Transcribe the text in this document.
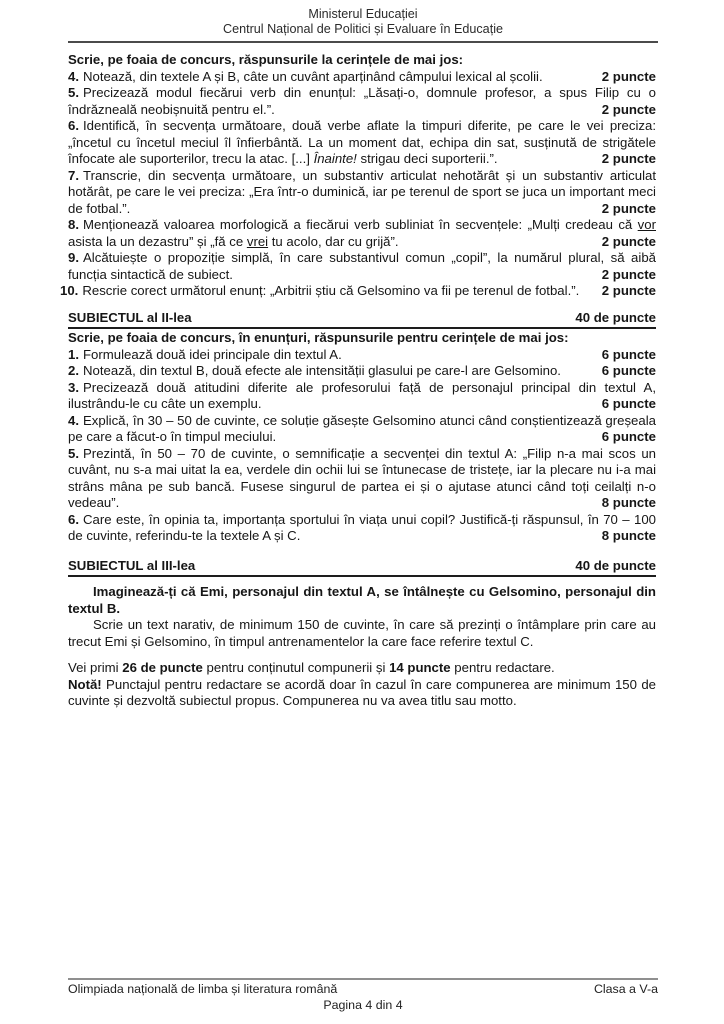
Ministerul Educației
Centrul Național de Politici și Evaluare în Educație

Scrie, pe foaia de concurs, răspunsurile la cerințele de mai jos:

4. Notează, din textele A și B, câte un cuvânt aparținând câmpului lexical al școlii.	2 puncte

5. Precizează modul fiecărui verb din enunțul: „Lăsați-o, domnule profesor, a spus Filip cu o îndrăzneală neobișnuită pentru el.”.	2 puncte

6. Identifică, în secvența următoare, două verbe aflate la timpuri diferite, pe care le vei preciza: „încetul cu încetul meciul îl înfierbântă. La un moment dat, echipa din sat, susținută de strigătele înfocate ale suporterilor, trecu la atac. [...] Înainte! strigau deci suporterii.”.	2 puncte

7. Transcrie, din secvența următoare, un substantiv articulat nehotărât și un substantiv articulat hotărât, pe care le vei preciza: „Era într-o duminică, iar pe terenul de sport se juca un important meci de fotbal.”.	2 puncte

8. Menționează valoarea morfologică a fiecărui verb subliniat în secvențele: „Mulți credeau că vor asista la un dezastru” și „fă ce vrei tu acolo, dar cu grijă”.	2 puncte

9. Alcătuiește o propoziție simplă, în care substantivul comun „copil”, la numărul plural, să aibă funcția sintactică de subiect.	2 puncte

10. Rescrie corect următorul enunț: „Arbitrii știu că Gelsomino va fii pe terenul de fotbal.”. 2 puncte

SUBIECTUL al II-lea	40 de puncte

Scrie, pe foaia de concurs, în enunțuri, răspunsurile pentru cerințele de mai jos:

1. Formulează două idei principale din textul A.	6 puncte

2. Notează, din textul B, două efecte ale intensității glasului pe care-l are Gelsomino.	6 puncte

3. Precizează două atitudini diferite ale profesorului față de personajul principal din textul A, ilustrându-le cu câte un exemplu.	6 puncte

4. Explică, în 30 – 50 de cuvinte, ce soluție găsește Gelsomino atunci când conștientizează greșeala pe care a făcut-o în timpul meciului.	6 puncte

5. Prezintă, în 50 – 70 de cuvinte, o semnificație a secvenței din textul A: „Filip n-a mai scos un cuvânt, nu s-a mai uitat la ea, verdele din ochii lui se întunecase de tristețe, iar la plecare nu i-a mai strâns mâna pe sub bancă. Fusese singurul de partea ei și o ajutase atunci când toți ceilalți n-o vedeau”.	8 puncte

6. Care este, în opinia ta, importanța sportului în viața unui copil? Justifică-ți răspunsul, în 70 – 100 de cuvinte, referindu-te la textele A și C.	8 puncte

SUBIECTUL al III-lea	40 de puncte

Imaginează-ți că Emi, personajul din textul A, se întâlnește cu Gelsomino, personajul din textul B.

Scrie un text narativ, de minimum 150 de cuvinte, în care să prezinți o întâmplare prin care au trecut Emi și Gelsomino, în timpul antrenamentelor la care face referire textul C.

Vei primi 26 de puncte pentru conținutul compunerii și 14 puncte pentru redactare.

Notă! Punctajul pentru redactare se acordă doar în cazul în care compunerea are minimum 150 de cuvinte și dezvoltă subiectul propus. Compunerea nu va avea titlu sau motto.

Olimpiada națională de limba și literatura română	Clasa a V-a
Pagina 4 din 4
